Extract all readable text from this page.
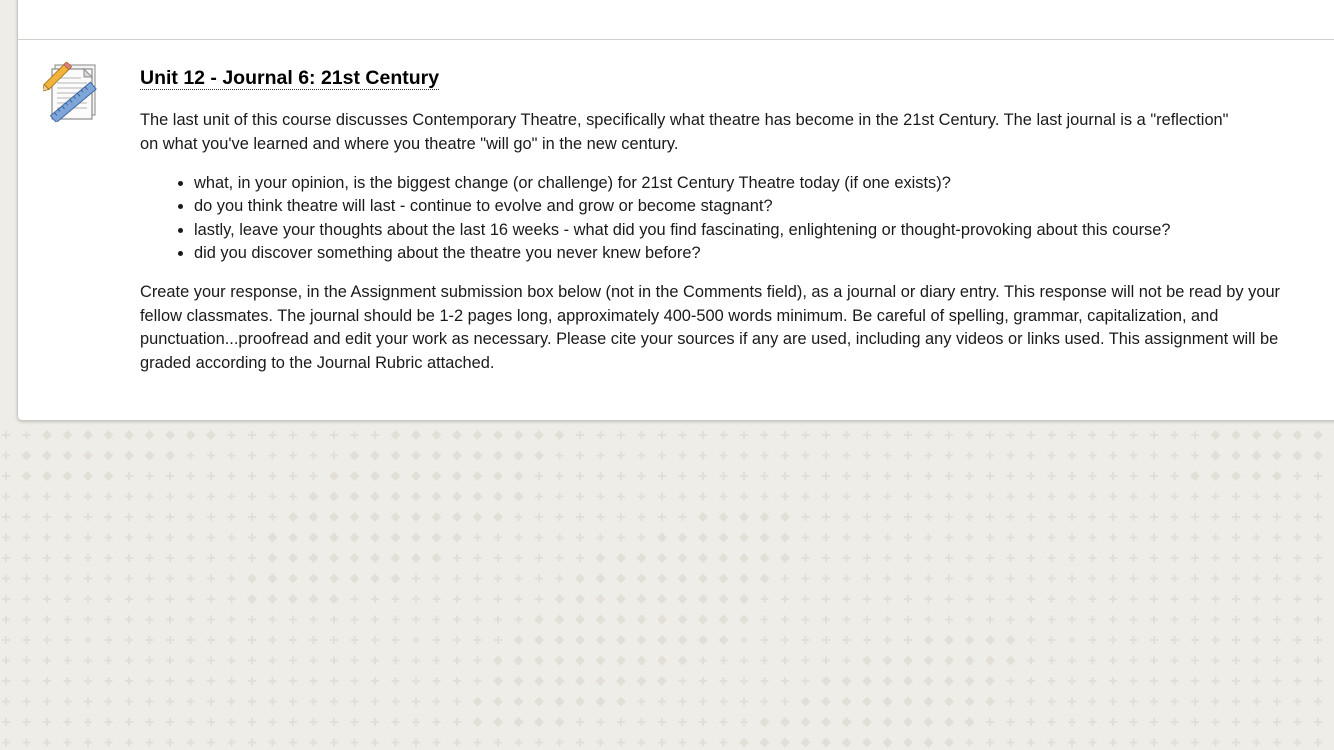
Unit 12 - Journal 6: 21st Century

The last unit of this course discusses Contemporary Theatre, specifically what theatre has become in the 21st Century. The last journal is a "reflection" on what you've learned and where you theatre "will go" in the new century.

• what, in your opinion, is the biggest change (or challenge) for 21st Century Theatre today (if one exists)?
• do you think theatre will last - continue to evolve and grow or become stagnant?
• lastly, leave your thoughts about the last 16 weeks - what did you find fascinating, enlightening or thought-provoking about this course?
• did you discover something about the theatre you never knew before?

Create your response, in the Assignment submission box below (not in the Comments field), as a journal or diary entry. This response will not be read by your fellow classmates. The journal should be 1-2 pages long, approximately 400-500 words minimum. Be careful of spelling, grammar, capitalization, and punctuation...proofread and edit your work as necessary. Please cite your sources if any are used, including any videos or links used. This assignment will be graded according to the Journal Rubric attached.
